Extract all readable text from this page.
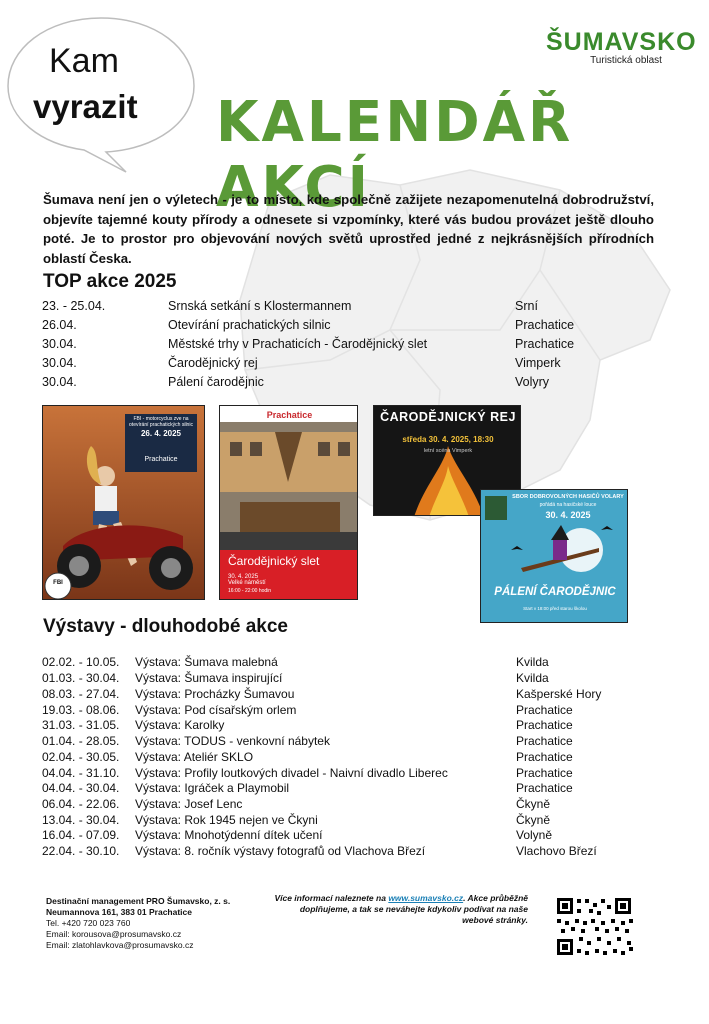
Kam
vyrazit
ŠUMAVSKO
Turistická oblast
KALENDÁŘ AKCÍ
Šumava není jen o výletech - je to místo, kde společně zažijete nezapomenutelná dobrodružství, objevíte tajemné kouty přírody a odnesete si vzpomínky, které vás budou provázet ještě dlouho poté. Je to prostor pro objevování nových světů uprostřed jedné z nejkrásnějších přírodních oblastí Česka.
TOP akce 2025
23. - 25.04.	Srnská setkání s Klostermannem	Srní
26.04.	Otevírání prachatických silnic	Prachatice
30.04.	Městské trhy v Prachaticích - Čarodějnický slet	Prachatice
30.04.	Čarodějnický rej	Vimperk
30.04.	Pálení čarodějnic	Volyry
FBI - motorcyclus zve na
otevírání prachatických silnic
26. 4. 2025
Prachatice
FBI
Prachatice
Čarodějnický slet
30. 4. 2025
Velké náměstí
16:00 - 22:00 hodin
ČARODĚJNICKÝ REJ
středa 30. 4. 2025, 18:30
letní scéna Vimperk
SBOR DOBROVOLNÝCH HASIČŮ VOLARY
pořádá na hasičské louce
30. 4. 2025
PÁLENÍ ČARODĚJNIC
Start v 18:00 před starou školou
Výstavy - dlouhodobé akce
02.02. - 10.05. Výstava: Šumava malebná	Kvilda
01.03. - 30.04. Výstava: Šumava inspirující	Kvilda
08.03. - 27.04. Výstava: Procházky Šumavou	Kašperské Hory
19.03. - 08.06. Výstava: Pod císařským orlem	Prachatice
31.03. - 31.05. Výstava: Karolky	Prachatice
01.04. - 28.05. Výstava: TODUS - venkovní nábytek	Prachatice
02.04. - 30.05. Výstava: Ateliér SKLO	Prachatice
04.04. - 31.10. Výstava: Profily loutkových divadel - Naivní divadlo Liberec	Prachatice
04.04. - 30.04. Výstava: Igráček a Playmobil	Prachatice
06.04. - 22.06. Výstava: Josef Lenc	Čkyně
13.04. - 30.04. Výstava: Rok 1945 nejen ve Čkyni	Čkyně
16.04. - 07.09. Výstava: Mnohotýdenní dítek učení	Volyně
22.04. - 30.10. Výstava: 8. ročník výstavy fotografů od Vlachova Březí	Vlachovo Březí
Destinační management PRO Šumavsko, z. s.
Neumannova 161, 383 01 Prachatice
Tel. +420 720 023 760
Email: korousova@prosumavsko.cz
Email: zlatohlavkova@prosumavsko.cz
Více informací naleznete na www.sumavsko.cz. Akce průběžně doplňujeme, a tak se neváhejte kdykoliv podívat na naše webové stránky.
